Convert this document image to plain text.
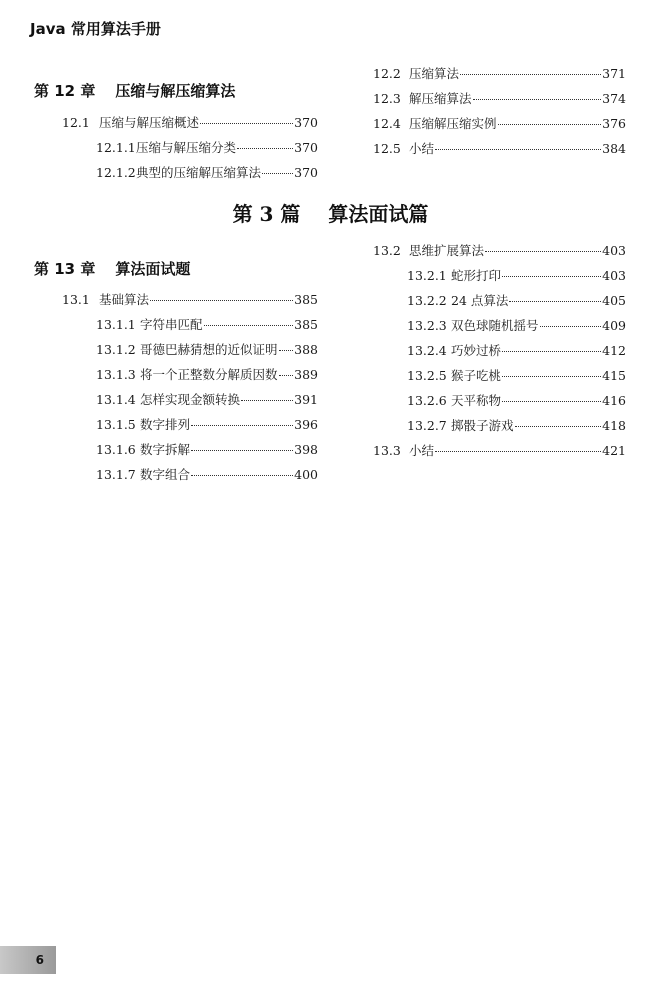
Java 常用算法手册
第 12 章 压缩与解压缩算法
12.1 压缩与解压缩概述	370
12.1.1 压缩与解压缩分类	370
12.1.2 典型的压缩解压缩算法	370
12.2 压缩算法	371
12.3 解压缩算法	374
12.4 压缩解压缩实例	376
12.5 小结	384
第 3 篇 算法面试篇
第 13 章 算法面试题
13.1 基础算法	385
13.1.1 字符串匹配	385
13.1.2 哥德巴赫猜想的近似证明 388
13.1.3 将一个正整数分解质因数 389
13.1.4 怎样实现金额转换	391
13.1.5 数字排列	396
13.1.6 数字拆解	398
13.1.7 数字组合	400
13.2 思维扩展算法	403
13.2.1 蛇形打印	403
13.2.2 24 点算法	405
13.2.3 双色球随机摇号	409
13.2.4 巧妙过桥	412
13.2.5 猴子吃桃	415
13.2.6 天平称物	416
13.2.7 掷骰子游戏	418
13.3 小结	421
6
